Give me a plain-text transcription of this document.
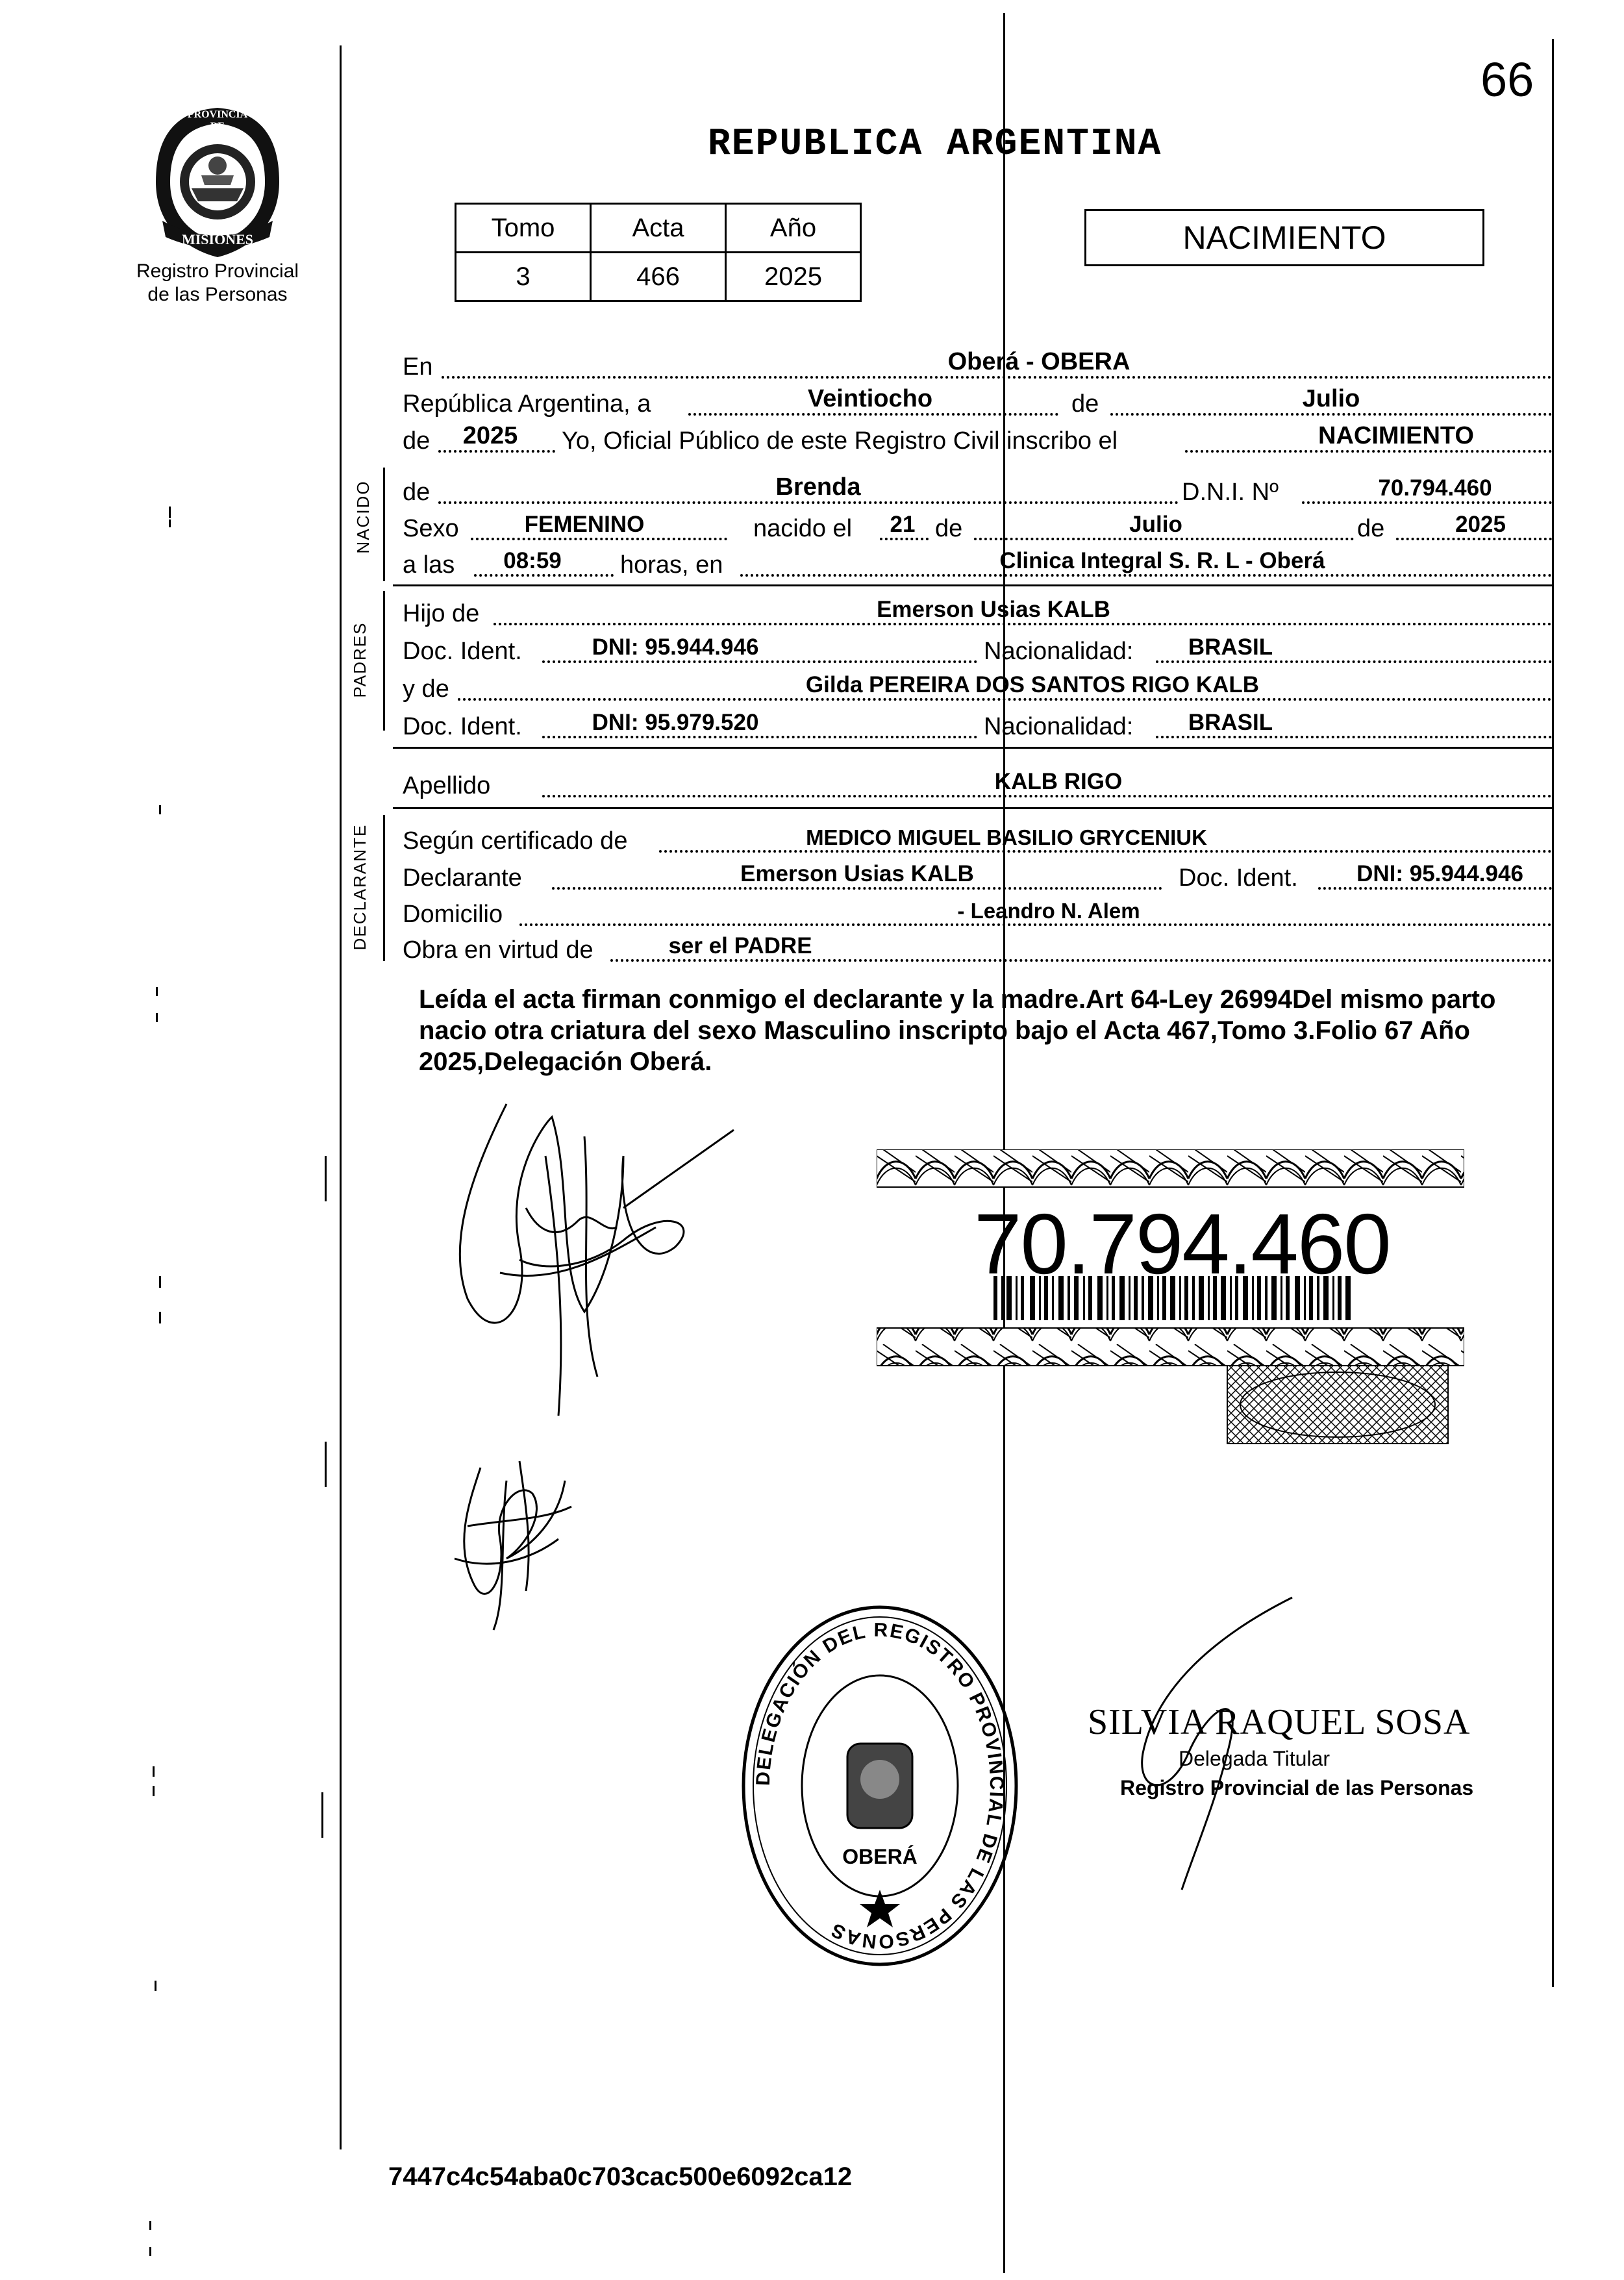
66
PROVINCIA DE
MISIONES
Registro Provincial
de las Personas
REPUBLICA ARGENTINA
Tomo	Acta	Año
3	466	2025
NACIMIENTO
En	Oberá - OBERA
República Argentina, a	Veintiocho	de	Julio
de	2025	Yo, Oficial Público de este Registro Civil inscribo el	NACIMIENTO
NACIDO de	Brenda	D.N.I. Nº	70.794.460
Sexo	FEMENINO	nacido el 21 de	Julio	de	2025
a las	08:59	horas, en	Clinica Integral S. R. L - Oberá
PADRES
Hijo de	Emerson Usias KALB
Doc. Ident.	DNI: 95.944.946	Nacionalidad:	BRASIL
y de	Gilda PEREIRA DOS SANTOS RIGO KALB
Doc. Ident.	DNI: 95.979.520	Nacionalidad:	BRASIL
Apellido	KALB RIGO
DECLARANTE Según certificado de	MEDICO MIGUEL BASILIO GRYCENIUK
Declarante	Emerson Usias KALB	Doc. Ident.	DNI: 95.944.946
Domicilio	- Leandro N. Alem
Obra en virtud de	ser el PADRE
Leída el acta firman conmigo el declarante y la madre.Art 64-Ley 26994Del mismo parto nacio otra criatura del sexo Masculino inscripto bajo el Acta 467,Tomo 3.Folio 67 Año 2025,Delegación Oberá.
70.794.460
DELEGACIÓN DEL REGISTRO PROVINCIAL DE LAS PERSONAS
OBERÁ
SILVIA RAQUEL SOSA
Delegada Titular
Registro Provincial de las Personas
7447c4c54aba0c703cac500e6092ca12
